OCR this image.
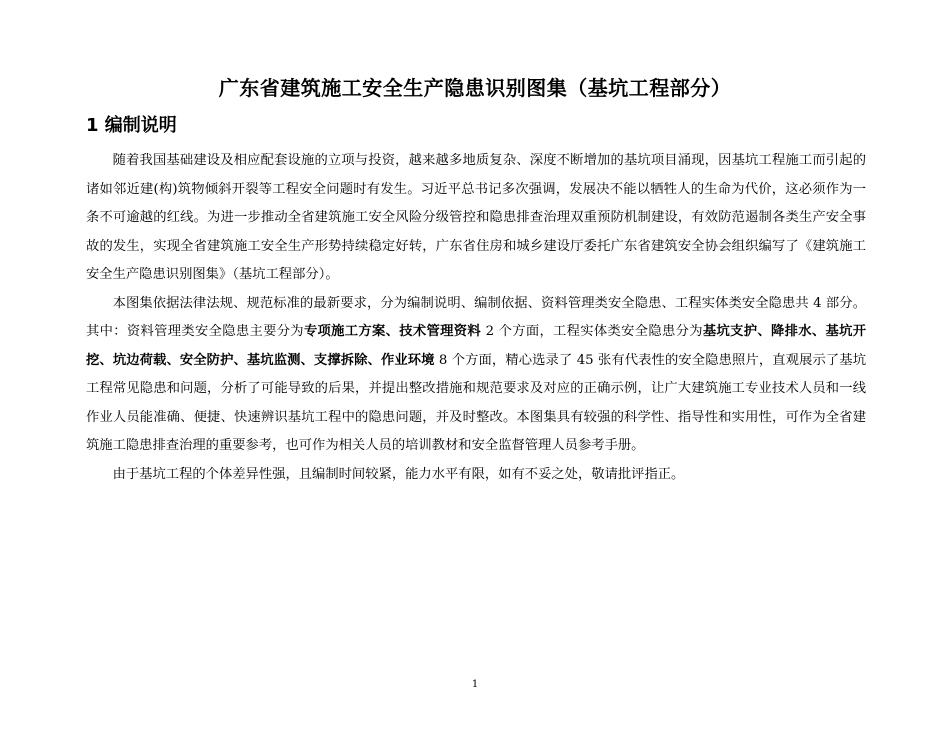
广东省建筑施工安全生产隐患识别图集（基坑工程部分）
1 编制说明

随着我国基础建设及相应配套设施的立项与投资，越来越多地质复杂、深度不断增加的基坑项目涌现，因基坑工程施工而引起的诸如邻近建(构)筑物倾斜开裂等工程安全问题时有发生。习近平总书记多次强调，发展决不能以牺牲人的生命为代价，这必须作为一条不可逾越的红线。为进一步推动全省建筑施工安全风险分级管控和隐患排查治理双重预防机制建设，有效防范遏制各类生产安全事故的发生，实现全省建筑施工安全生产形势持续稳定好转，广东省住房和城乡建设厅委托广东省建筑安全协会组织编写了《建筑施工安全生产隐患识别图集》（基坑工程部分）。

本图集依据法律法规、规范标准的最新要求，分为编制说明、编制依据、资料管理类安全隐患、工程实体类安全隐患共 4 部分。其中：资料管理类安全隐患主要分为专项施工方案、技术管理资料 2 个方面，工程实体类安全隐患分为基坑支护、降排水、基坑开挖、坑边荷载、安全防护、基坑监测、支撑拆除、作业环境 8 个方面，精心选录了 45 张有代表性的安全隐患照片，直观展示了基坑工程常见隐患和问题，分析了可能导致的后果，并提出整改措施和规范要求及对应的正确示例，让广大建筑施工专业技术人员和一线作业人员能准确、便捷、快速辨识基坑工程中的隐患问题，并及时整改。本图集具有较强的科学性、指导性和实用性，可作为全省建筑施工隐患排查治理的重要参考，也可作为相关人员的培训教材和安全监督管理人员参考手册。

由于基坑工程的个体差异性强，且编制时间较紧，能力水平有限，如有不妥之处，敬请批评指正。

1
